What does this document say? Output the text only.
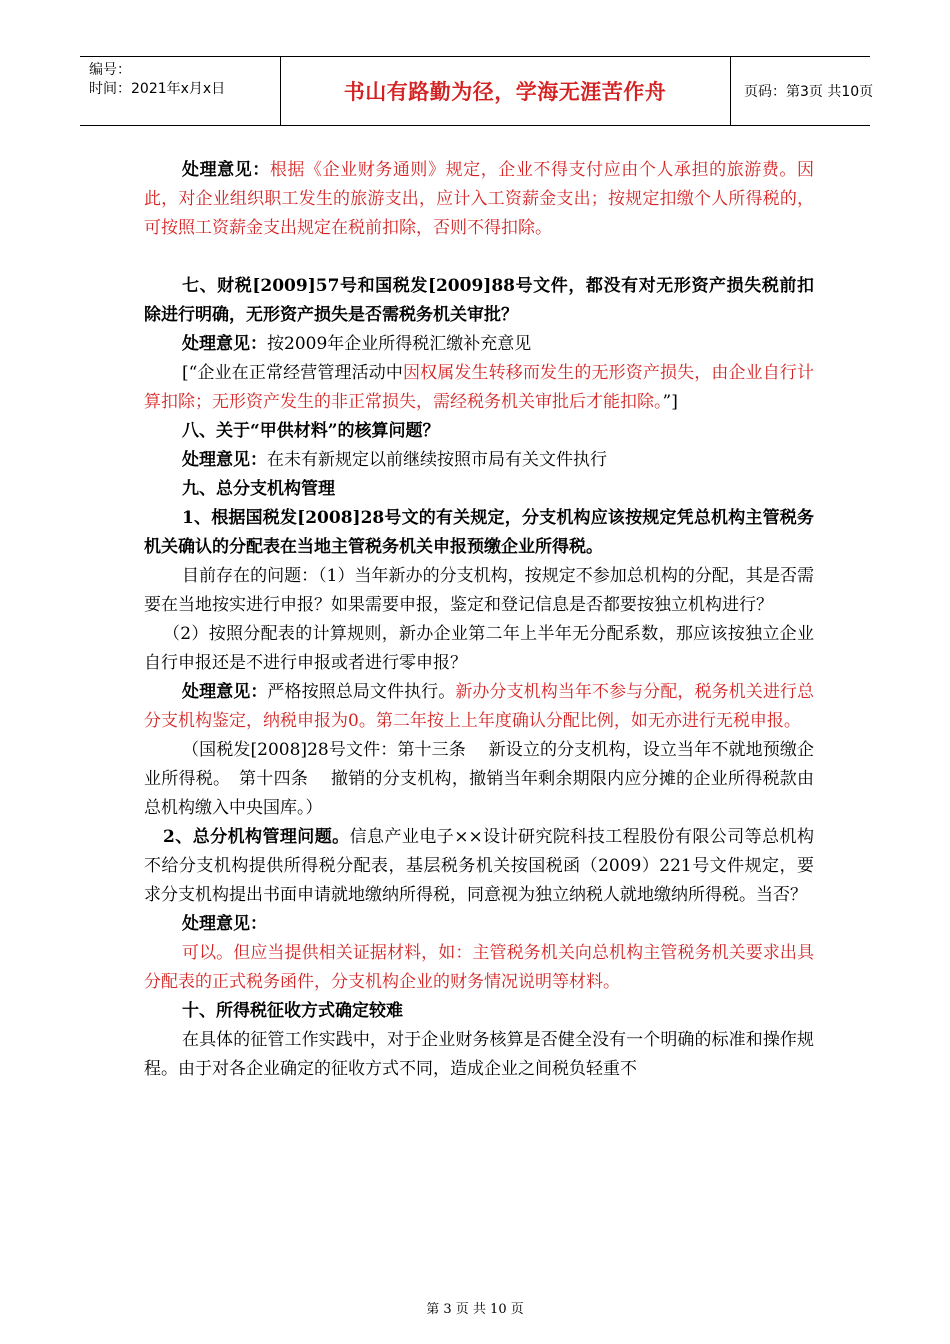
编号：
时间：2021年x月x日	书山有路勤为径，学海无涯苦作舟	页码：第3页 共10页

处理意见：根据《企业财务通则》规定，企业不得支付应由个人承担的旅游费。因此，对企业组织职工发生的旅游支出，应计入工资薪金支出；按规定扣缴个人所得税的，可按照工资薪金支出规定在税前扣除，否则不得扣除。

七、财税[2009]57号和国税发[2009]88号文件，都没有对无形资产损失税前扣除进行明确，无形资产损失是否需税务机关审批？

处理意见：按2009年企业所得税汇缴补充意见

[“企业在正常经营管理活动中因权属发生转移而发生的无形资产损失，由企业自行计算扣除；无形资产发生的非正常损失，需经税务机关审批后才能扣除。”]

八、关于“甲供材料”的核算问题？

处理意见：在未有新规定以前继续按照市局有关文件执行

九、总分支机构管理

1、根据国税发[2008]28号文的有关规定，分支机构应该按规定凭总机构主管税务机关确认的分配表在当地主管税务机关申报预缴企业所得税。

目前存在的问题：（1）当年新办的分支机构，按规定不参加总机构的分配，其是否需要在当地按实进行申报？如果需要申报，鉴定和登记信息是否都要按独立机构进行？

（2）按照分配表的计算规则，新办企业第二年上半年无分配系数，那应该按独立企业自行申报还是不进行申报或者进行零申报？

处理意见：严格按照总局文件执行。新办分支机构当年不参与分配，税务机关进行总分支机构鉴定，纳税申报为0。第二年按上上年度确认分配比例，如无亦进行无税申报。

（国税发[2008]28号文件：第十三条　 新设立的分支机构，设立当年不就地预缴企业所得税。　第十四条　 撤销的分支机构，撤销当年剩余期限内应分摊的企业所得税款由总机构缴入中央国库。）

2、总分机构管理问题。信息产业电子××设计研究院科技工程股份有限公司等总机构不给分支机构提供所得税分配表，基层税务机关按国税函（2009）221号文件规定，要求分支机构提出书面申请就地缴纳所得税，同意视为独立纳税人就地缴纳所得税。当否？

处理意见：

可以。但应当提供相关证据材料，如：主管税务机关向总机构主管税务机关要求出具分配表的正式税务函件，分支机构企业的财务情况说明等材料。

十、所得税征收方式确定较难

在具体的征管工作实践中，对于企业财务核算是否健全没有一个明确的标准和操作规程。由于对各企业确定的征收方式不同，造成企业之间税负轻重不

第 3 页 共 10 页
